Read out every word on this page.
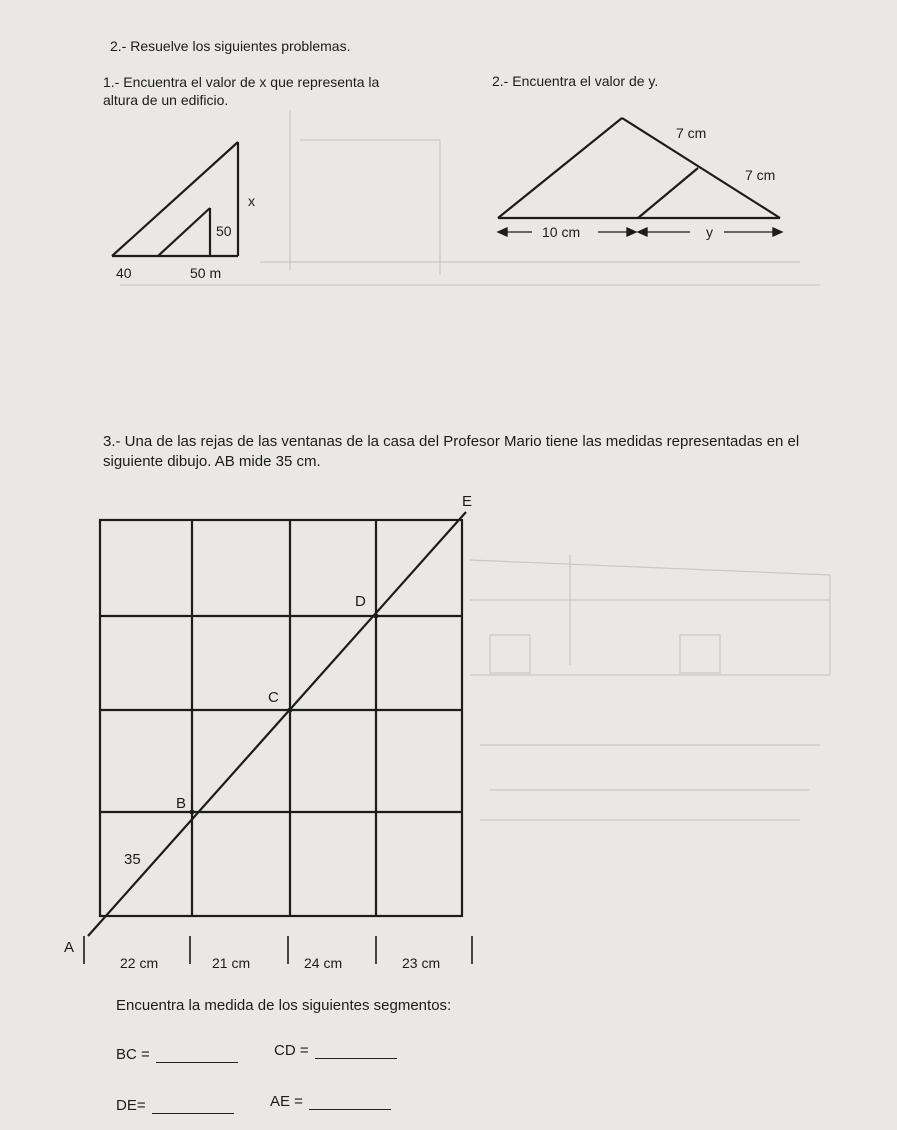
2.- Resuelve los siguientes problemas.
1.- Encuentra el valor de x que representa la altura de un edificio.
2.- Encuentra el valor de y.
x
50
40	50 m
7 cm
7 cm
10 cm	y
3.- Una de las rejas de las ventanas de la casa del Profesor Mario tiene las medidas representadas en el siguiente dibujo. AB mide 35 cm.
E
D
C
B
35
A
22 cm	21 cm	24 cm	23 cm
Encuentra la medida de los siguientes segmentos:
BC =	CD =
DE=	AE =
